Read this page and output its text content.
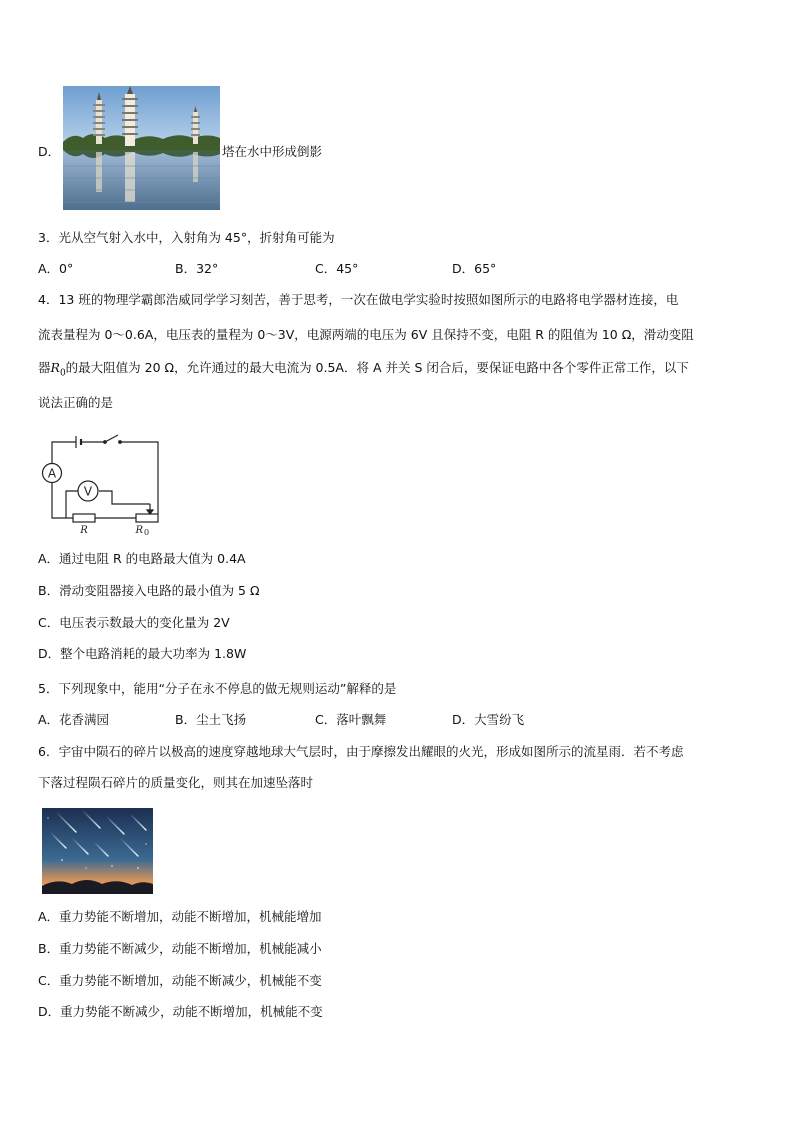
D．	塔在水中形成倒影
3．光从空气射入水中，入射角为 45°，折射角可能为
A．0°	B．32°	C．45°	D．65°
4．13 班的物理学霸郎浩威同学学习刻苦，善于思考，一次在做电学实验时按照如图所示的电路将电学器材连接，电
流表量程为 0～0.6A，电压表的量程为 0～3V，电源两端的电压为 6V 且保持不变，电阻 R 的阻值为 10 Ω，滑动变阻
器$R_0$的最大阻值为 20 Ω，允许通过的最大电流为 0.5A．将 A 并关 S 闭合后，要保证电路中各个零件正常工作，以下
说法正确的是
A
V
R	R 0
A．通过电阻 R 的电路最大值为 0.4A
B．滑动变阻器接入电路的最小值为 5 Ω
C．电压表示数最大的变化量为 2V
D．整个电路消耗的最大功率为 1.8W
5．下列现象中，能用“分子在永不停息的做无规则运动”解释的是
A．花香满园	B．尘土飞扬	C．落叶飘舞	D．大雪纷飞
6．宇宙中陨石的碎片以极高的速度穿越地球大气层时，由于摩擦发出耀眼的火光，形成如图所示的流星雨．若不考虑
下落过程陨石碎片的质量变化，则其在加速坠落时
A．重力势能不断增加，动能不断增加，机械能增加
B．重力势能不断减少，动能不断增加，机械能减小
C．重力势能不断增加，动能不断减少，机械能不变
D．重力势能不断减少，动能不断增加，机械能不变
